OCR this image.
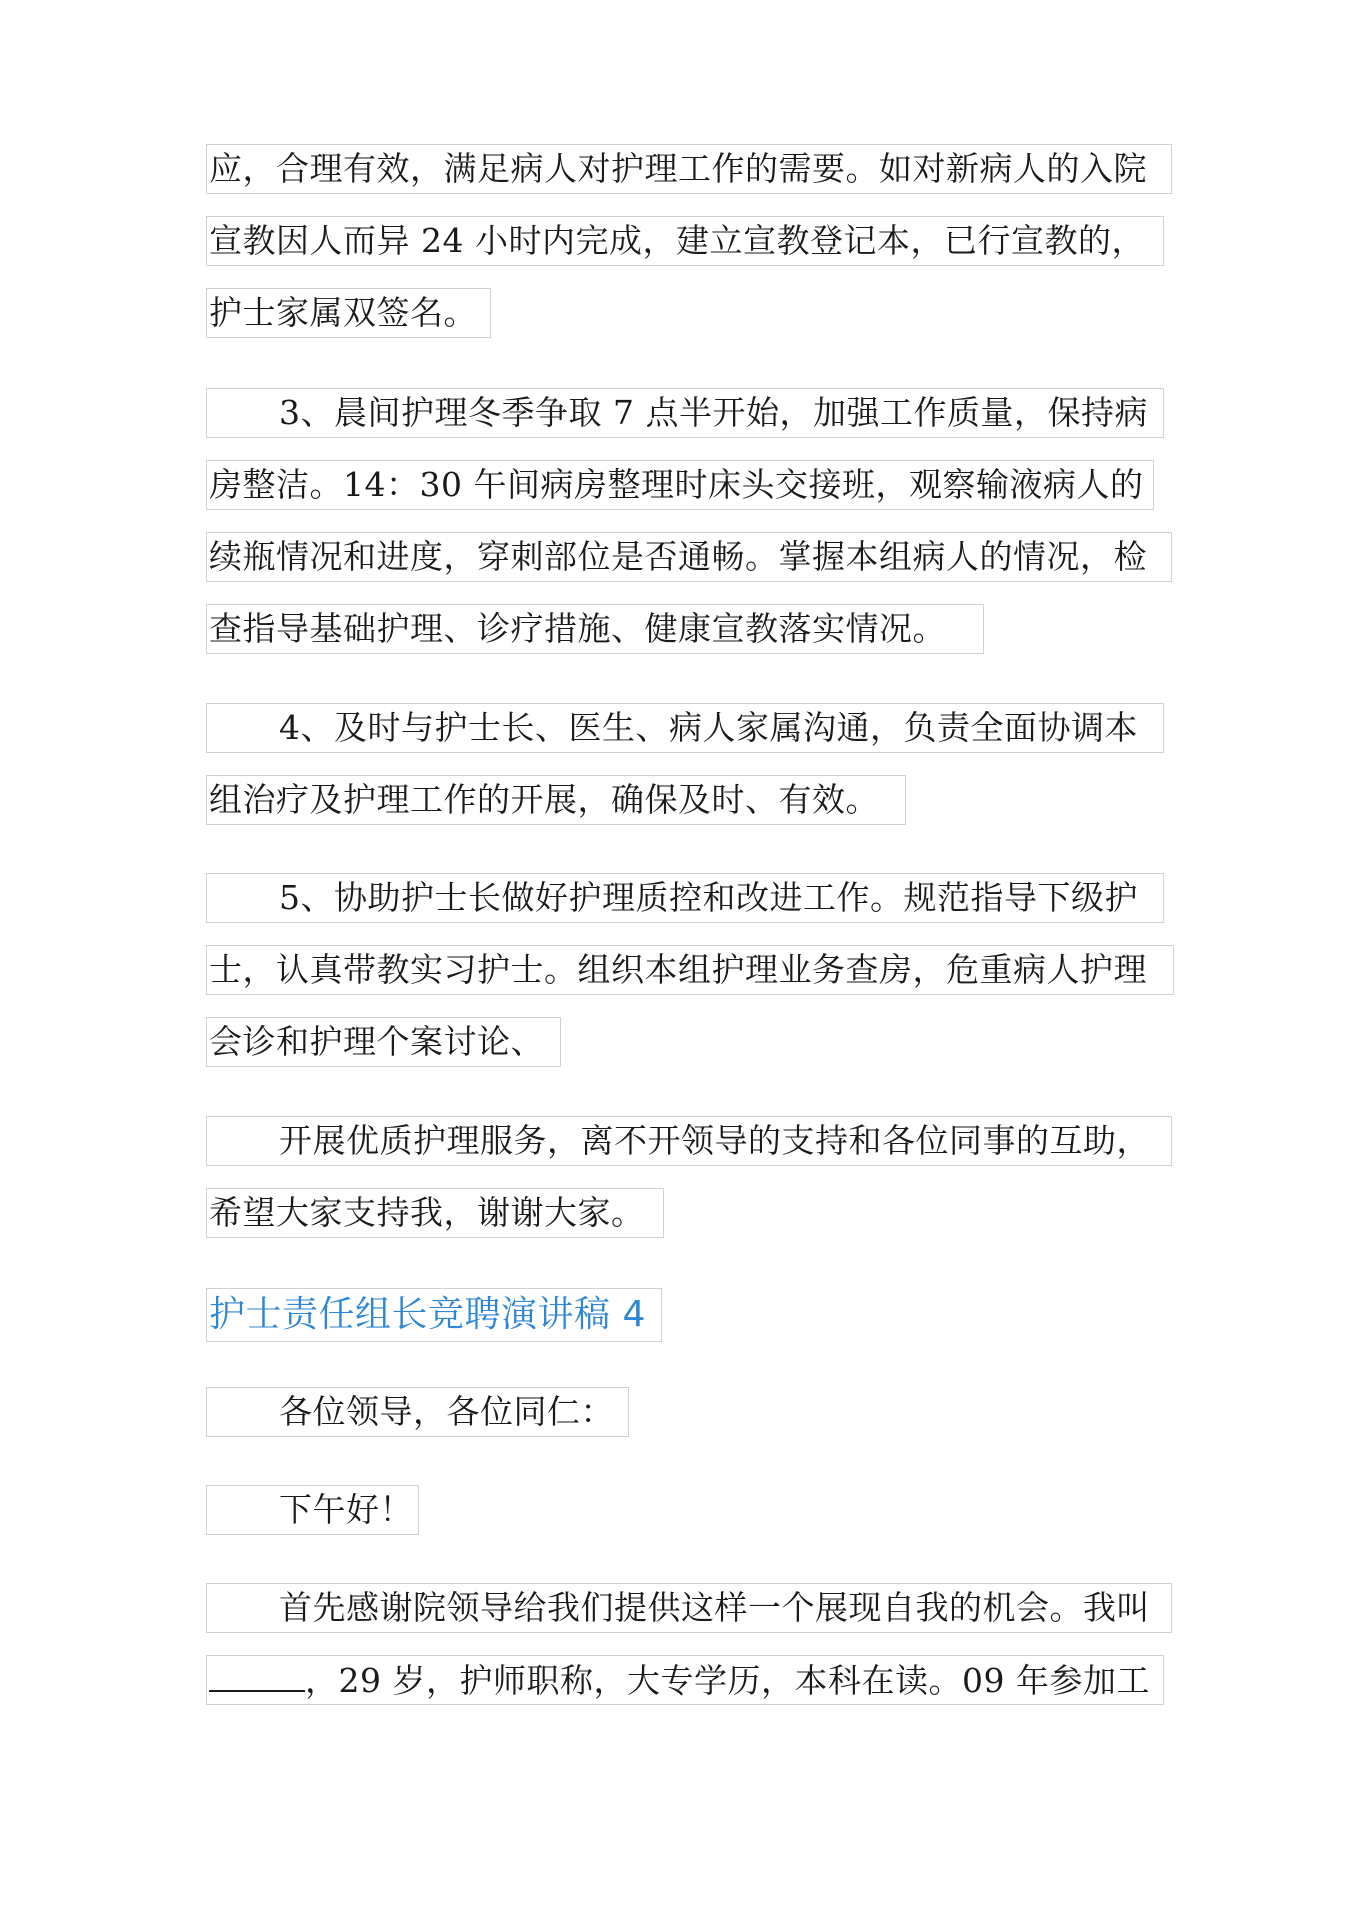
应，合理有效，满足病人对护理工作的需要。如对新病人的入院
宣教因人而异 24 小时内完成，建立宣教登记本，已行宣教的，
护士家属双签名。
3、晨间护理冬季争取 7 点半开始，加强工作质量，保持病
房整洁。14：30 午间病房整理时床头交接班，观察输液病人的
续瓶情况和进度，穿刺部位是否通畅。掌握本组病人的情况，检
查指导基础护理、诊疗措施、健康宣教落实情况。
4、及时与护士长、医生、病人家属沟通，负责全面协调本
组治疗及护理工作的开展，确保及时、有效。
5、协助护士长做好护理质控和改进工作。规范指导下级护
士，认真带教实习护士。组织本组护理业务查房，危重病人护理
会诊和护理个案讨论、
开展优质护理服务，离不开领导的支持和各位同事的互助，
希望大家支持我，谢谢大家。
护士责任组长竞聘演讲稿 4
各位领导，各位同仁：
下午好！
首先感谢院领导给我们提供这样一个展现自我的机会。我叫
，29 岁，护师职称，大专学历，本科在读。09 年参加工
